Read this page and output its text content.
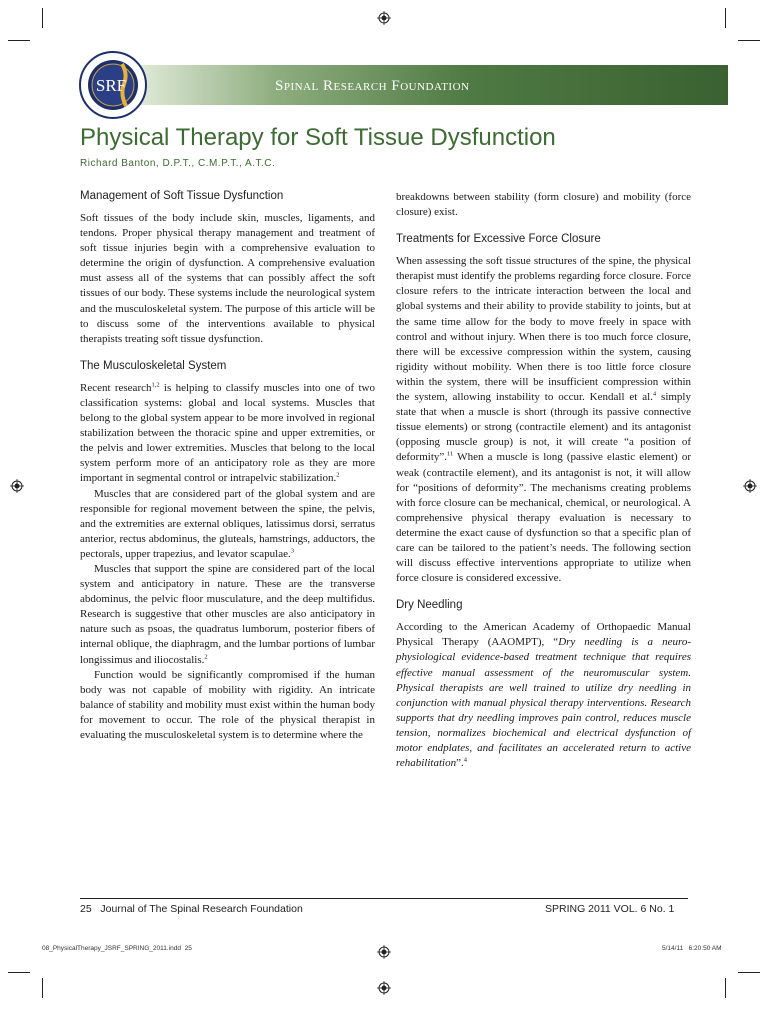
Spinal Research Foundation
SRF
Physical Therapy for Soft Tissue Dysfunction
Richard Banton, D.P.T., C.M.P.T., A.T.C.
Management of Soft Tissue Dysfunction

Soft tissues of the body include skin, muscles, ligaments, and tendons. Proper physical therapy management and treatment of soft tissue injuries begin with a comprehensive evaluation to determine the origin of dysfunction. A comprehensive evaluation must assess all of the systems that can possibly affect the soft tissues of our body. These systems include the neurological system and the musculoskeletal system. The purpose of this article will be to discuss some of the interventions available to physical therapists treating soft tissue dysfunction.

The Musculoskeletal System

Recent research$^{1,2}$ is helping to classify muscles into one of two classification systems: global and local systems. Muscles that belong to the global system appear to be more involved in regional stabilization between the thoracic spine and upper extremities, or the pelvis and lower extremities. Muscles that belong to the local system perform more of an anticipatory role as they are more important in segmental control or intrapelvic stabilization.$^2$

Muscles that are considered part of the global system and are responsible for regional movement between the spine, the pelvis, and the extremities are external obliques, latissimus dorsi, serratus anterior, rectus abdominus, the gluteals, hamstrings, adductors, the pectorals, upper trapezius, and levator scapulae.$^3$

Muscles that support the spine are considered part of the local system and anticipatory in nature. These are the transverse abdominus, the pelvic floor musculature, and the deep multifidus. Research is suggestive that other muscles are also anticipatory in nature such as psoas, the quadratus lumborum, posterior fibers of internal oblique, the diaphragm, and the lumbar portions of lumbar longissimus and iliocostalis.$^2$

Function would be significantly compromised if the human body was not capable of mobility with rigidity. An intricate balance of stability and mobility must exist within the human body for movement to occur. The role of the physical therapist in evaluating the musculoskeletal system is to determine where the

breakdowns between stability (form closure) and mobility (force closure) exist.

Treatments for Excessive Force Closure

When assessing the soft tissue structures of the spine, the physical therapist must identify the problems regarding force closure. Force closure refers to the intricate interaction between the local and global systems and their ability to provide stability to joints, but at the same time allow for the body to move freely in space with control and without injury. When there is too much force closure, there will be excessive compression within the system, causing rigidity without mobility. When there is too little force closure within the system, there will be insufficient compression within the system, allowing instability to occur. Kendall et al.$^4$ simply state that when a muscle is short (through its passive connective tissue elements) or strong (contractile element) and its antagonist (opposing muscle group) is not, it will create “a position of deformity”.$^{11}$ When a muscle is long (passive elastic element) or weak (contractile element), and its antagonist is not, it will allow for “positions of deformity”. The mechanisms creating problems with force closure can be mechanical, chemical, or neurological. A comprehensive physical therapy evaluation is necessary to determine the exact cause of dysfunction so that a specific plan of care can be tailored to the patient’s needs. The following section will discuss effective interventions appropriate to utilize when force closure is considered excessive.

Dry Needling

According to the American Academy of Orthopaedic Manual Physical Therapy (AAOMPT), “Dry needling is a neuro-physiological evidence-based treatment technique that requires effective manual assessment of the neuromuscular system. Physical therapists are well trained to utilize dry needling in conjunction with manual physical therapy interventions. Research supports that dry needling improves pain control, reduces muscle tension, normalizes biochemical and electrical dysfunction of motor endplates, and facilitates an accelerated return to active rehabilitation”.$^4$

25   Journal of The Spinal Research Foundation	SPRING 2011 VOL. 6 No. 1
08_PhysicalTherapy_JSRF_SPRING_2011.indd  25	5/14/11   6:20:50 AM
